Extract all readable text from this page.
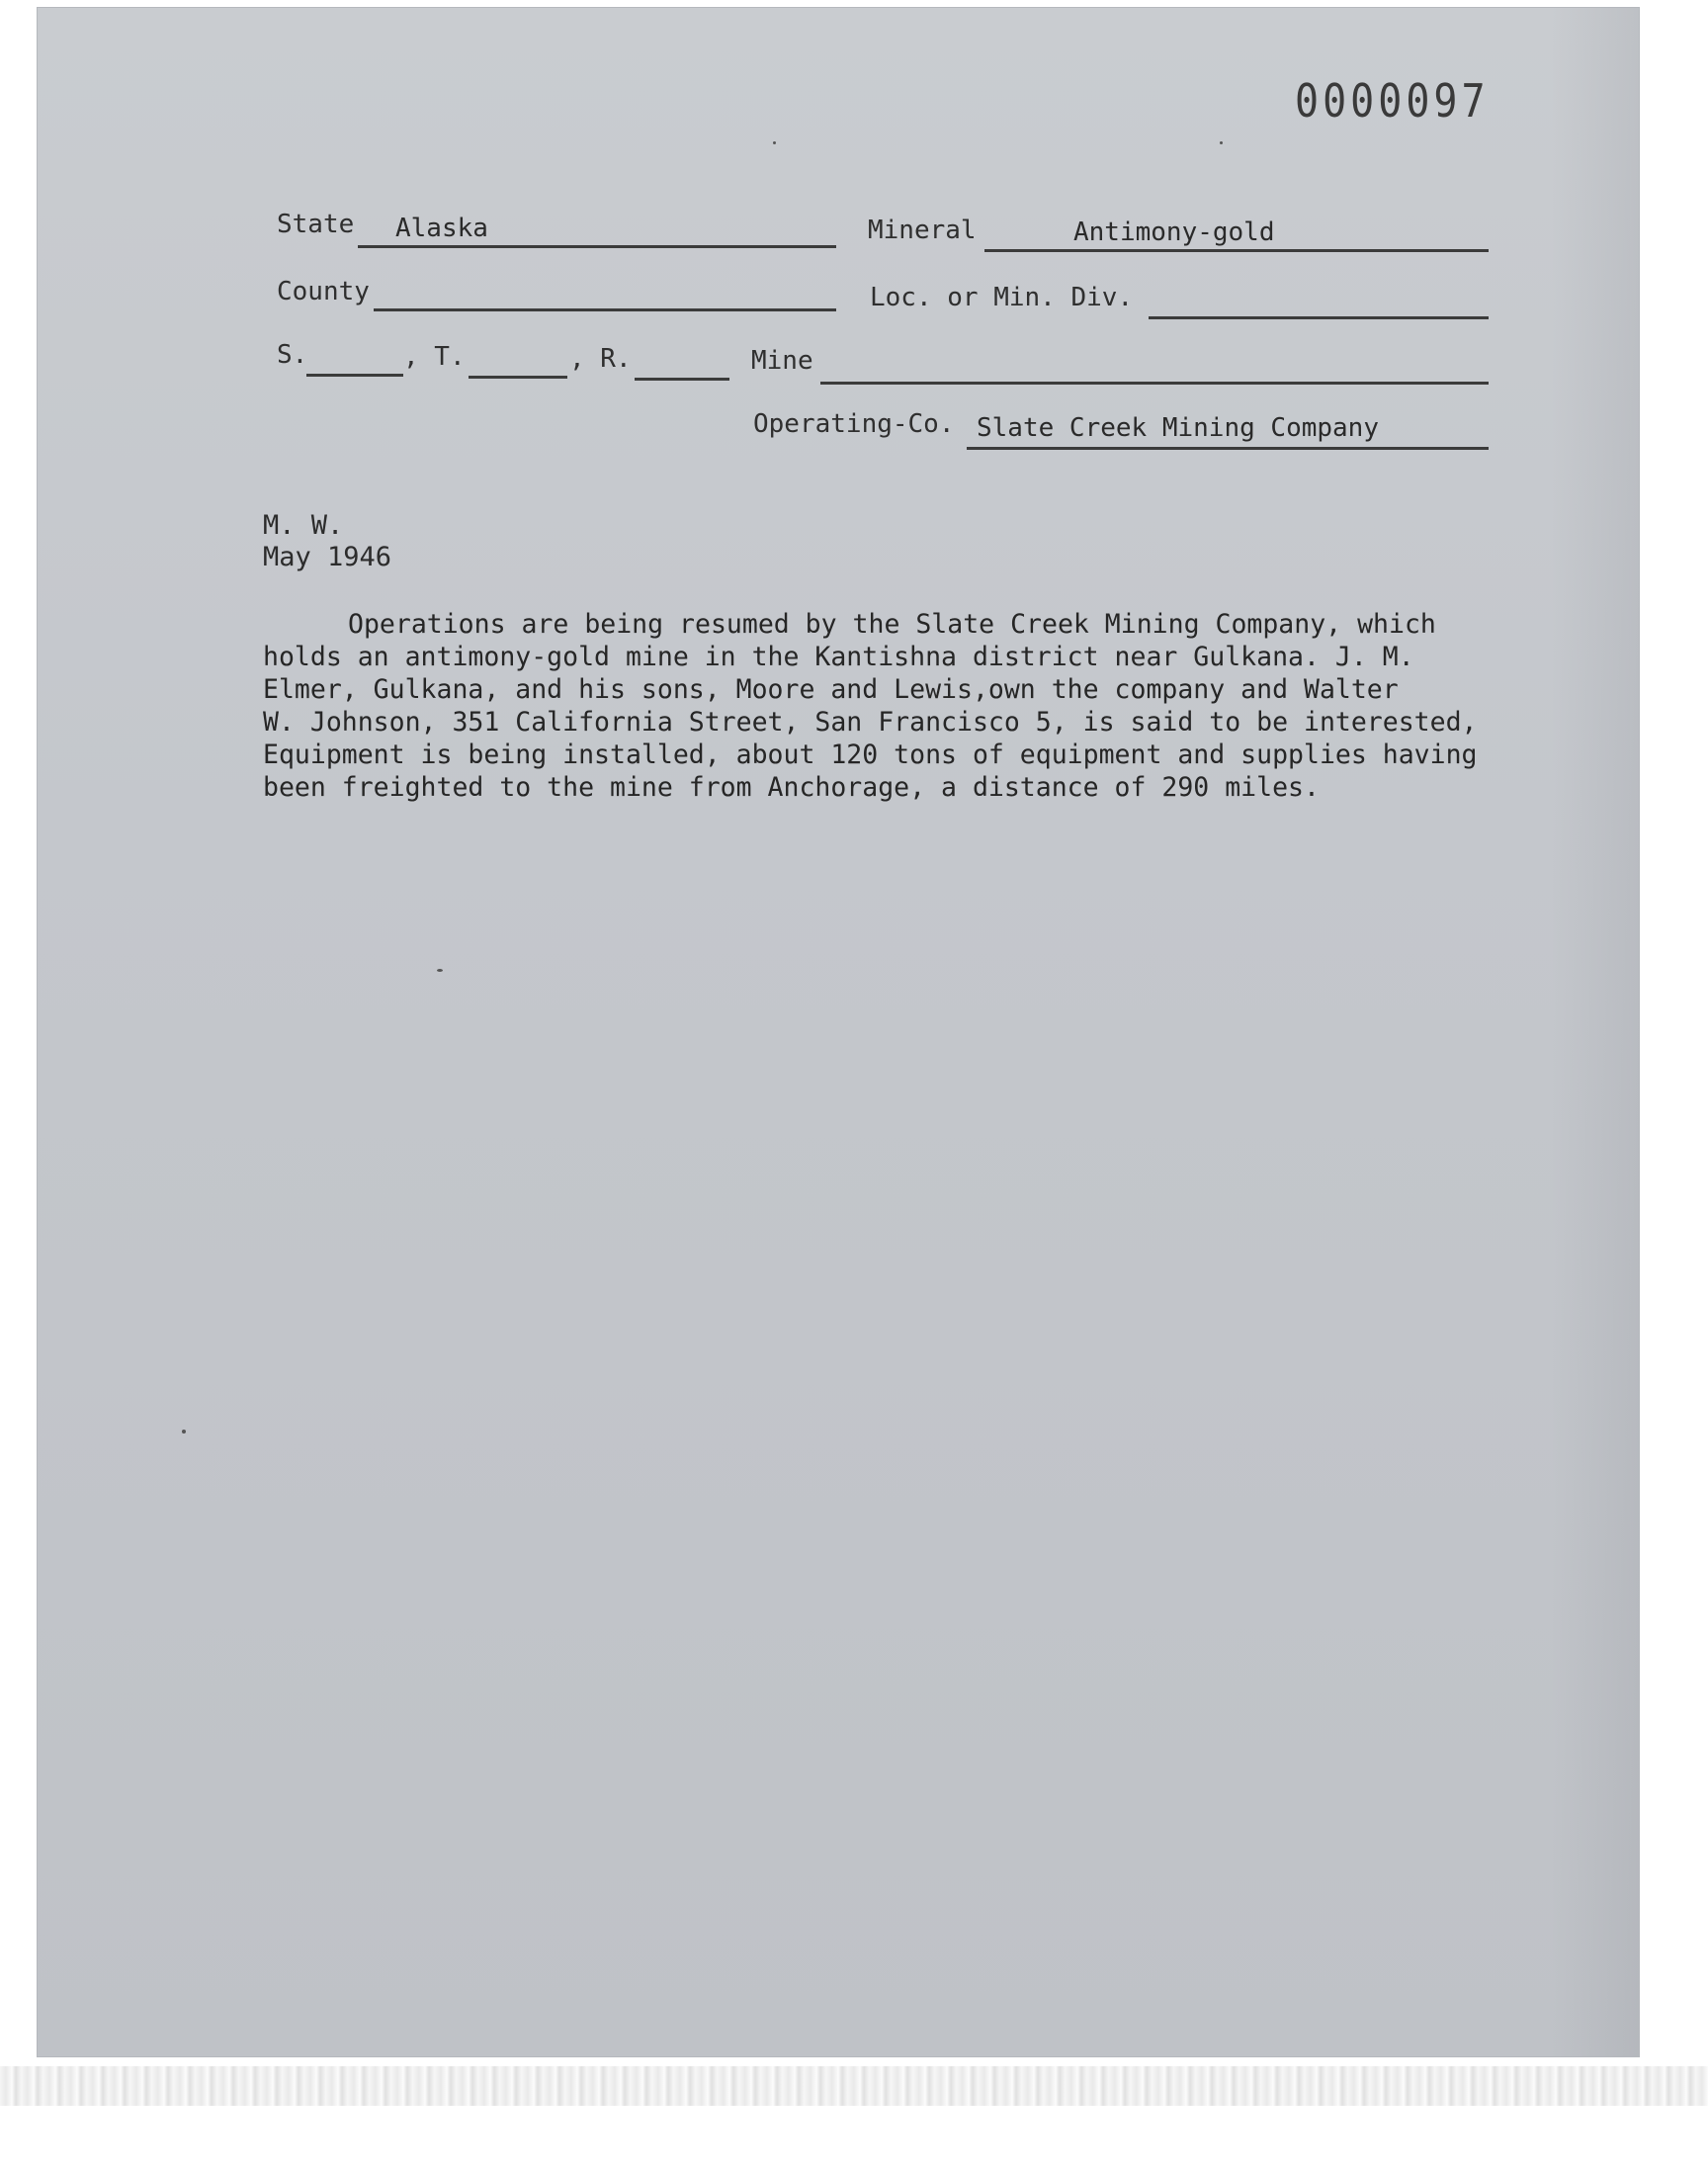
0000097
State Alaska	Mineral	Antimony-gold
County	Loc. or Min. Div.
S.	, T.	, R.	Mine
Operating-Co. Slate Creek Mining Company
M. W.
May 1946
Operations are being resumed by the Slate Creek Mining Company, which
holds an antimony-gold mine in the Kantishna district near Gulkana. J. M.
Elmer, Gulkana, and his sons, Moore and Lewis,own the company and Walter
W. Johnson, 351 California Street, San Francisco 5, is said to be interested,
Equipment is being installed, about 120 tons of equipment and supplies having
been freighted to the mine from Anchorage, a distance of 290 miles.
